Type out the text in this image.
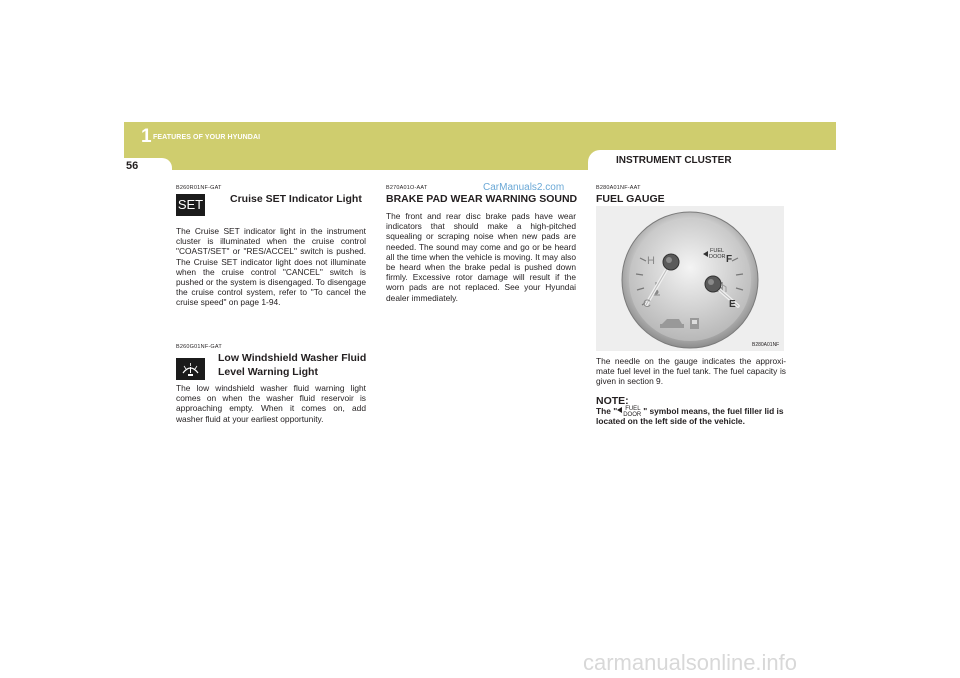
1 FEATURES OF YOUR HYUNDAI
56	INSTRUMENT CLUSTER
CarManuals2.com
carmanualsonline.info
B260R01NF-GAT
SET	Cruise SET Indicator Light
The Cruise SET indicator light in the instrument cluster is illuminated when the cruise control "COAST/SET" or "RES/ACCEL" switch is pushed. The Cruise SET indicator light does not illuminate when the cruise control "CANCEL" switch is pushed or the system is disengaged. To disengage the cruise control system, refer to "To cancel the cruise speed" on page 1-94.
B260G01NF-GAT
Low Windshield Washer Fluid
Level Warning Light
The low windshield washer fluid warning light comes on when the washer fluid reservoir is approaching empty. When it comes on, add washer fluid at your earliest opportunity.
B270A01O-AAT
BRAKE PAD WEAR WARNING SOUND
The front and rear disc brake pads have wear indicators that should make a high-pitched squealing or scraping noise when new pads are needed. The sound may come and go or be heard all the time when the vehicle is moving. It may also be heard when the brake pedal is pushed down firmly. Excessive rotor damage will result if the worn pads are not replaced. See your Hyundai dealer immediately.
B280A01NF-AAT
FUEL GAUGE
FUEL
DOOR
H
C
F
E
B280A01NF
The needle on the gauge indicates the approxi-mate fuel level in the fuel tank. The fuel capacity is given in section 9.
NOTE:
The " FUEL
DOOR " symbol means, the fuel filler lid is located on the left side of the vehicle.
